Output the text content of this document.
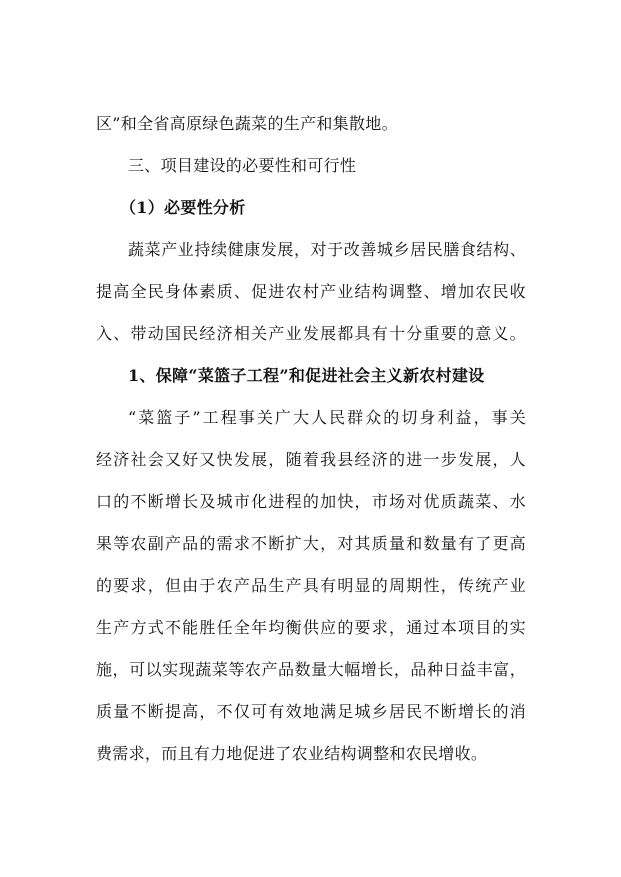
区”和全省高原绿色蔬菜的生产和集散地。
三、项目建设的必要性和可行性
（1）必要性分析
蔬菜产业持续健康发展，对于改善城乡居民膳食结构、
提高全民身体素质、促进农村产业结构调整、增加农民收
入、带动国民经济相关产业发展都具有十分重要的意义。
1、保障“菜篮子工程”和促进社会主义新农村建设
“菜篮子”工程事关广大人民群众的切身利益，事关
经济社会又好又快发展，随着我县经济的进一步发展，人
口的不断增长及城市化进程的加快，市场对优质蔬菜、水
果等农副产品的需求不断扩大，对其质量和数量有了更高
的要求，但由于农产品生产具有明显的周期性，传统产业
生产方式不能胜任全年均衡供应的要求，通过本项目的实
施，可以实现蔬菜等农产品数量大幅增长，品种日益丰富，
质量不断提高，不仅可有效地满足城乡居民不断增长的消
费需求，而且有力地促进了农业结构调整和农民增收。
